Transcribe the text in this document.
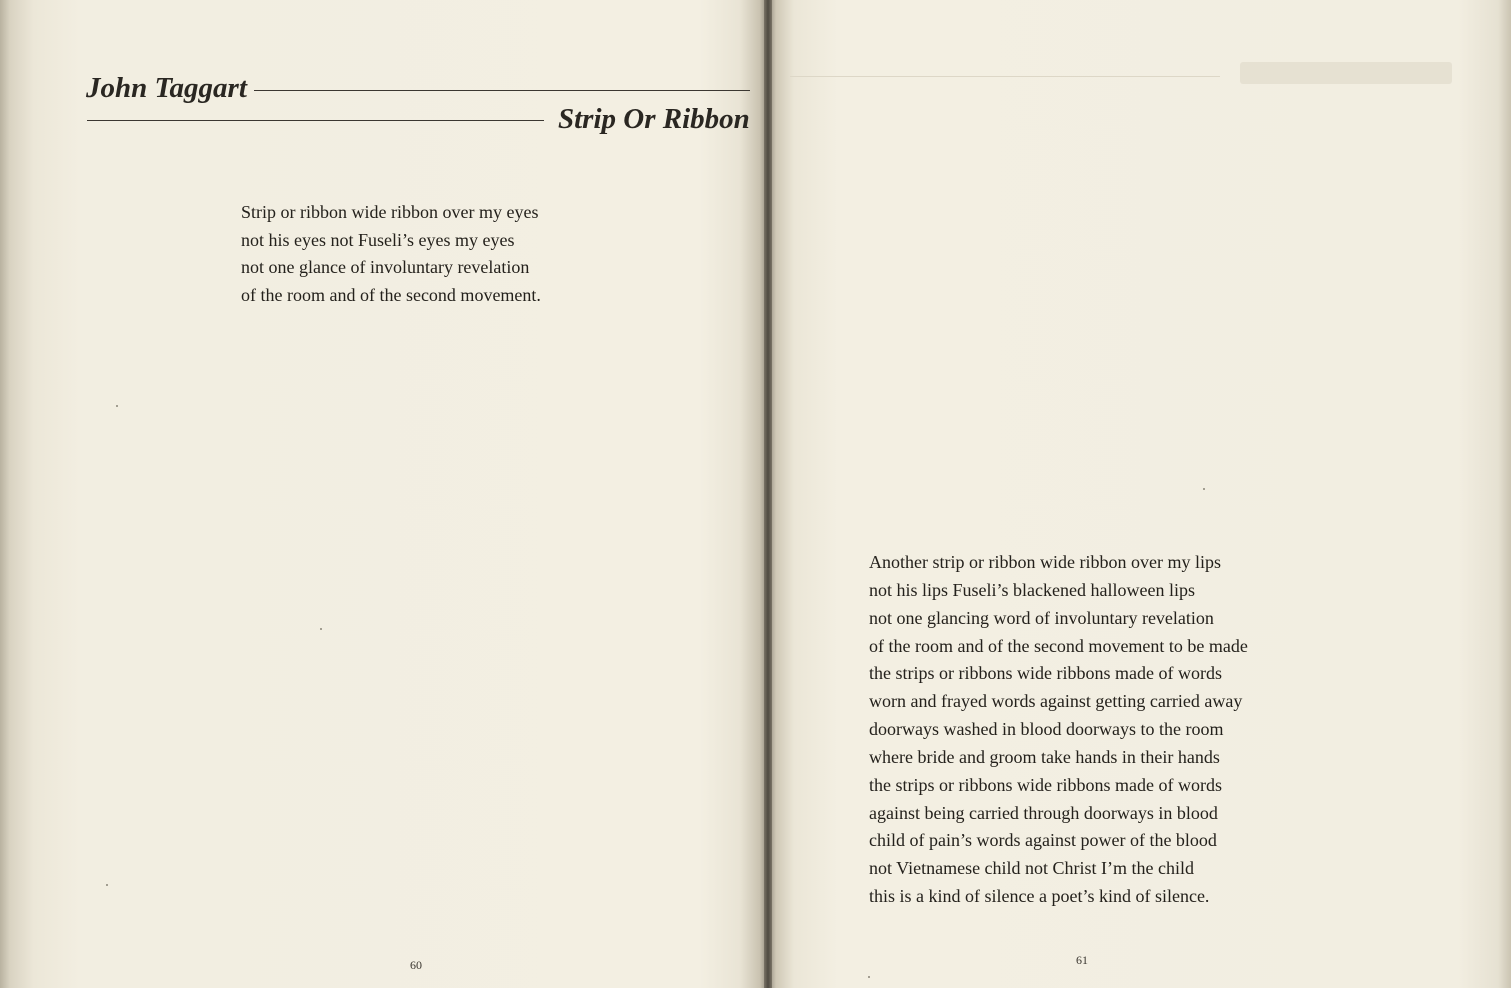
John Taggart
Strip Or Ribbon
Strip or ribbon wide ribbon over my eyes
not his eyes not Fuseli’s eyes my eyes
not one glance of involuntary revelation
of the room and of the second movement.

60

Another strip or ribbon wide ribbon over my lips
not his lips Fuseli’s blackened halloween lips
not one glancing word of involuntary revelation
of the room and of the second movement to be made
the strips or ribbons wide ribbons made of words
worn and frayed words against getting carried away
doorways washed in blood doorways to the room
where bride and groom take hands in their hands
the strips or ribbons wide ribbons made of words
against being carried through doorways in blood
child of pain’s words against power of the blood
not Vietnamese child not Christ I’m the child
this is a kind of silence a poet’s kind of silence.

61
